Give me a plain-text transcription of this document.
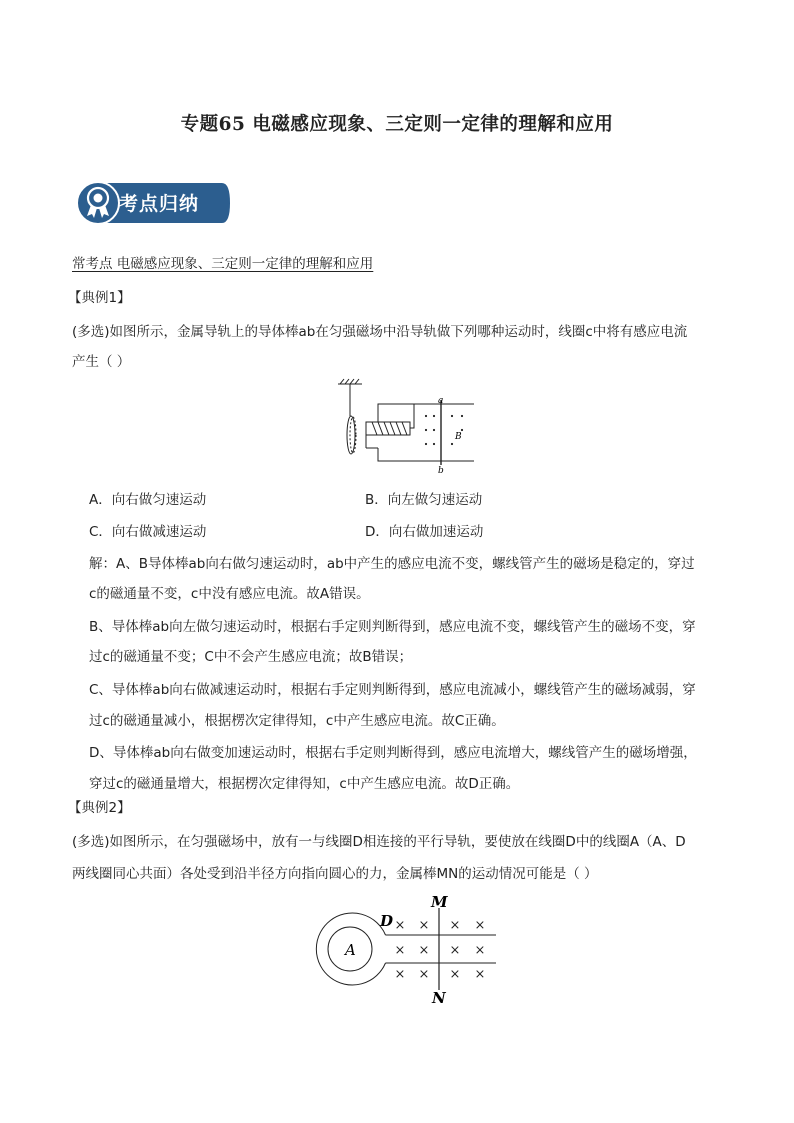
专题65 电磁感应现象、三定则一定律的理解和应用
考点归纳
常考点 电磁感应现象、三定则一定律的理解和应用
【典例1】
(多选)如图所示，金属导轨上的导体棒ab在匀强磁场中沿导轨做下列哪种运动时，线圈c中将有感应电流
产生（ ）
a
b
B
A．向右做匀速运动	B．向左做匀速运动
C．向右做减速运动	D．向右做加速运动
解：A、B导体棒ab向右做匀速运动时，ab中产生的感应电流不变，螺线管产生的磁场是稳定的，穿过
c的磁通量不变，c中没有感应电流。故A错误。
B、导体棒ab向左做匀速运动时，根据右手定则判断得到，感应电流不变，螺线管产生的磁场不变，穿
过c的磁通量不变；C中不会产生感应电流；故B错误；
C、导体棒ab向右做减速运动时，根据右手定则判断得到，感应电流减小，螺线管产生的磁场减弱，穿
过c的磁通量减小，根据楞次定律得知，c中产生感应电流。故C正确。
D、导体棒ab向右做变加速运动时，根据右手定则判断得到，感应电流增大，螺线管产生的磁场增强，
穿过c的磁通量增大，根据楞次定律得知，c中产生感应电流。故D正确。
【典例2】
(多选)如图所示，在匀强磁场中，放有一与线圈D相连接的平行导轨，要使放在线圈D中的线圈A（A、D
两线圈同心共面）各处受到沿半径方向指向圆心的力，金属棒MN的运动情况可能是（ ）
× × × ×
× × × ×
× × × ×
A
D
M
N
